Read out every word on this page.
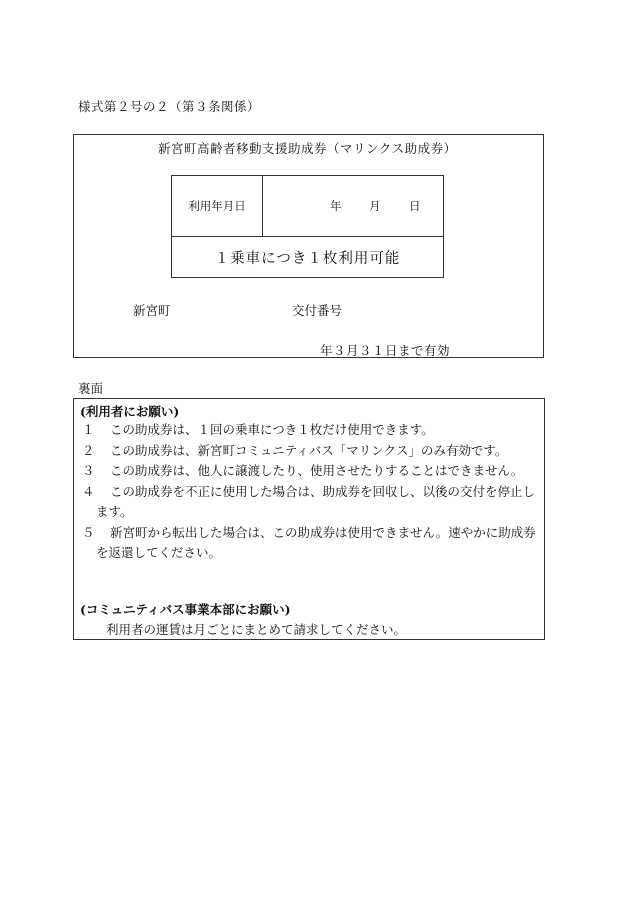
様式第２号の２（第３条関係）
新宮町高齢者移動支援助成券（マリンクス助成券）
利用年月日	年 月 日
１乗車につき１枚利用可能
新宮町	交付番号
年３月３１日まで有効
裏面
(利用者にお願い)
１	この助成券は、１回の乗車につき１枚だけ使用できます。
２	この助成券は、新宮町コミュニティバス「マリンクス」のみ有効です。
３	この助成券は、他人に譲渡したり、使用させたりすることはできません。
４	この助成券を不正に使用した場合は、助成券を回収し、以後の交付を停止します。
５	新宮町から転出した場合は、この助成券は使用できません。速やかに助成券を返還してください。
(コミュニティバス事業本部にお願い)
利用者の運賃は月ごとにまとめて請求してください。
